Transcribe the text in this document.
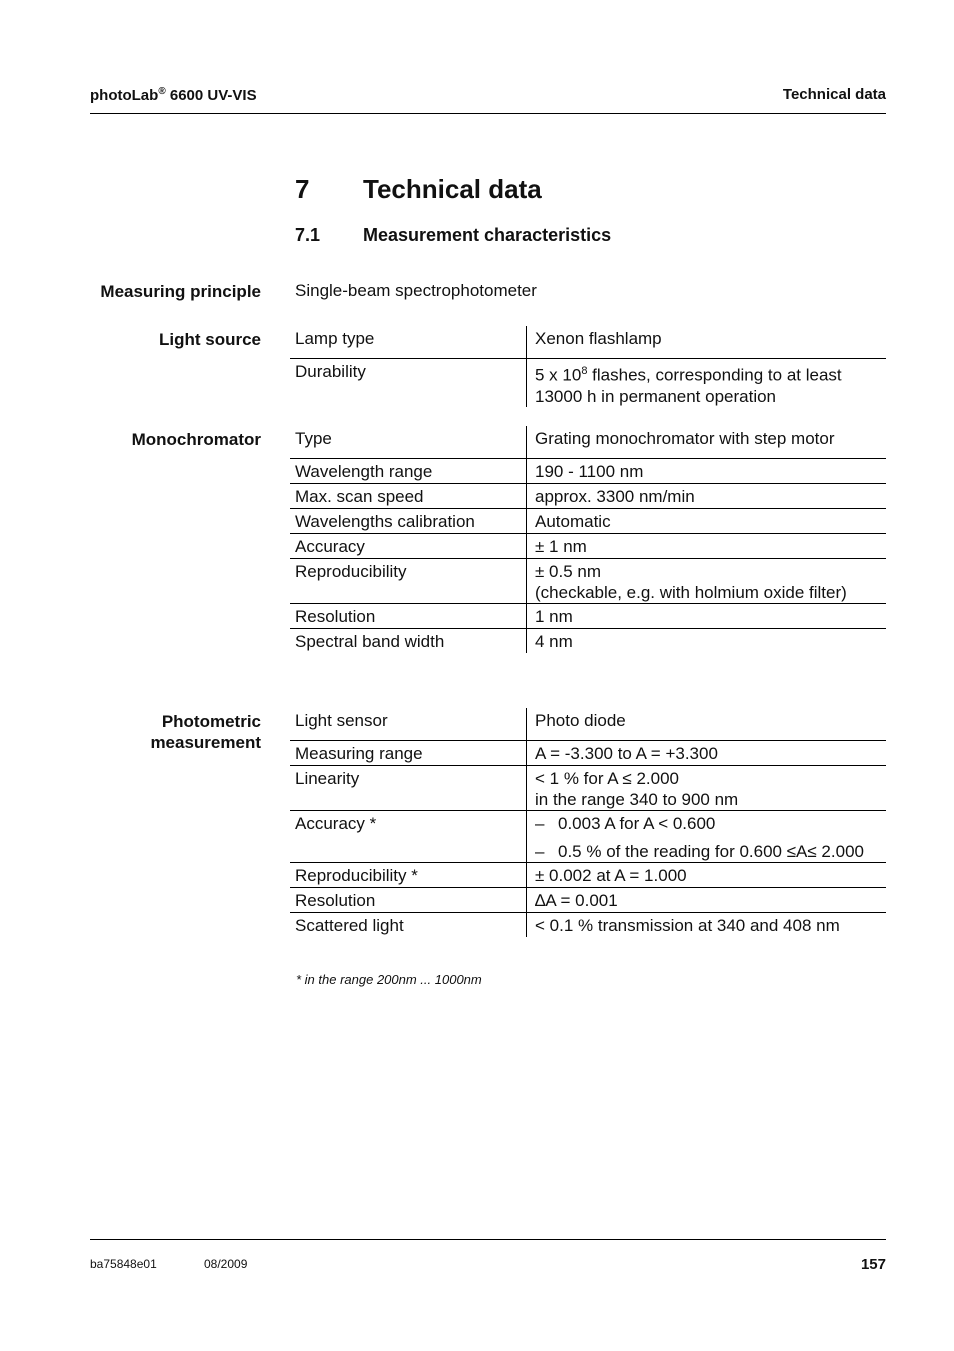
photoLab® 6600 UV-VIS	Technical data
7 Technical data
7.1 Measurement characteristics
Measuring principle Single-beam spectrophotometer
Light source Lamp type	Xenon flashlamp
Durability	5 x $10^8$ flashes, corresponding to at least
13000 h in permanent operation
Monochromator Type	Grating monochromator with step motor
Wavelength range	190 - 1100 nm
Max. scan speed	approx. 3300 nm/min
Wavelengths calibration	Automatic
Accuracy	± 1 nm
Reproducibility	± 0.5 nm
(checkable, e.g. with holmium oxide filter)

Resolution	1 nm
Spectral band width	4 nm
Photometric
measurement
Light sensor	Photo diode
Measuring range	A = -3.300 to A = +3.300
Linearity	< 1 % for A ≤ 2.000
in the range 340 to 900 nm

Accuracy *	– 0.003 A for A < 0.600
– 0.5 % of the reading for 0.600 ≤A≤ 2.000

Reproducibility *	± 0.002 at A = 1.000
Resolution	∆A = 0.001
Scattered light	< 0.1 % transmission at 340 and 408 nm
* in the range 200nm ... 1000nm
ba75848e01	08/2009	157
